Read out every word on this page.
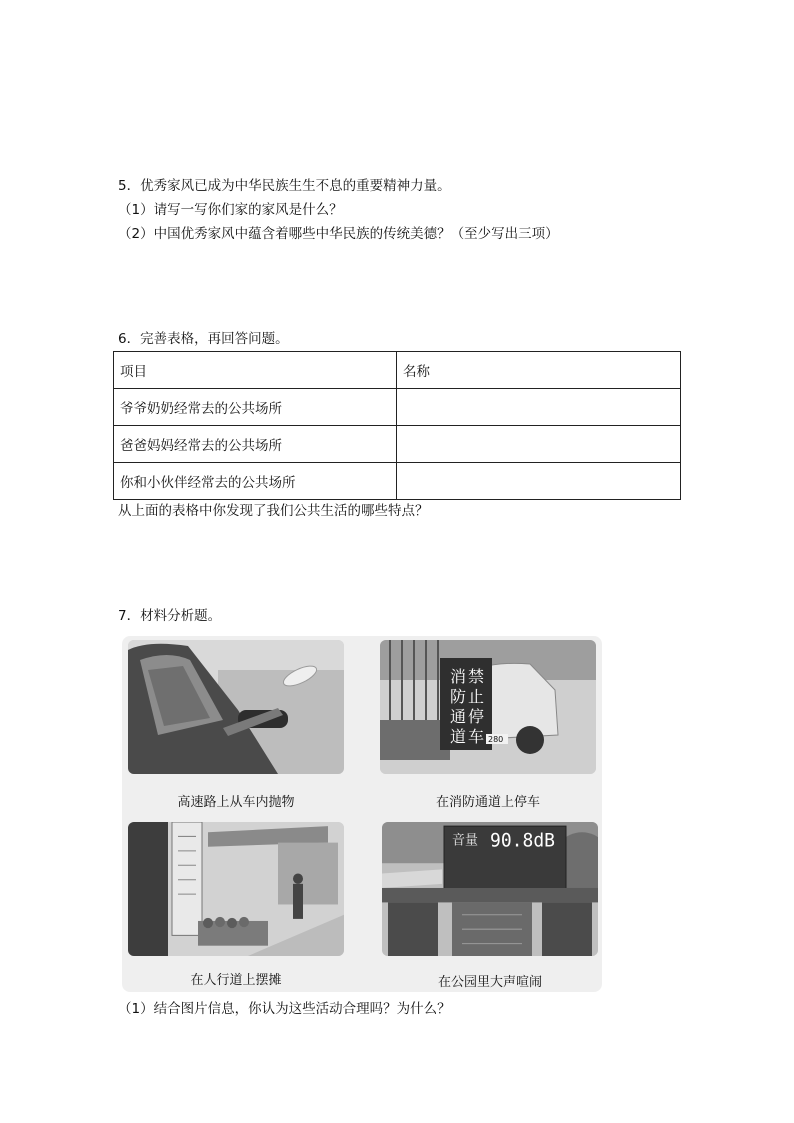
5．优秀家风已成为中华民族生生不息的重要精神力量。
（1）请写一写你们家的家风是什么？
（2）中国优秀家风中蕴含着哪些中华民族的传统美德？（至少写出三项）
6．完善表格，再回答问题。
项目	名称
爷爷奶奶经常去的公共场所	
爸爸妈妈经常去的公共场所	
你和小伙伴经常去的公共场所	
从上面的表格中你发现了我们公共生活的哪些特点？
7．材料分析题。
高速路上从车内抛物
消
防
通
道
禁
止
停
车 280
在消防通道上停车
在人行道上摆摊
音量 90.8dB
在公园里大声喧闹
（1）结合图片信息，你认为这些活动合理吗？为什么？
